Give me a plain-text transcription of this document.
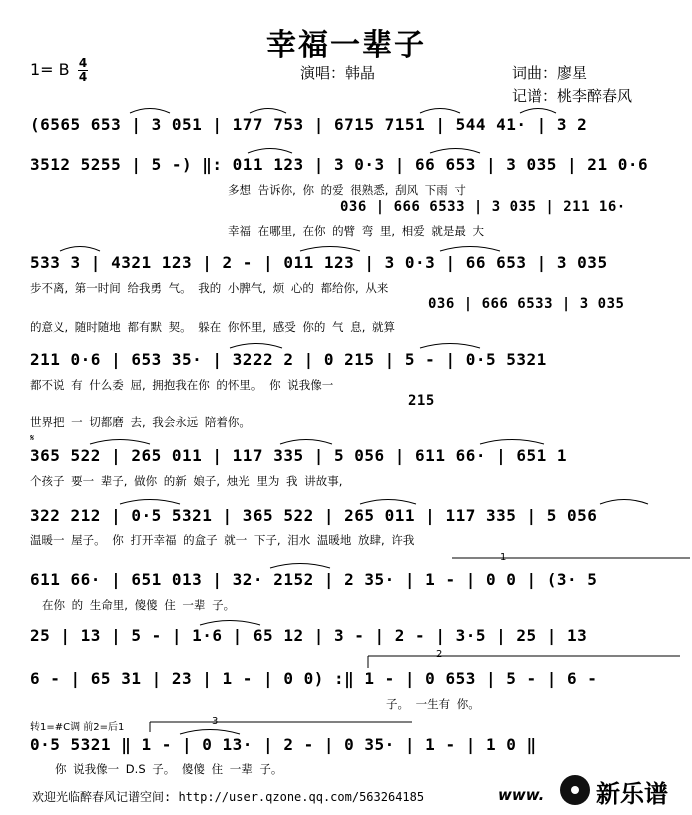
幸福一辈子
1= B 4
4	演唱：韩晶	词曲：廖星
记谱：桃李醉春风
(6565 653 | 3 051 | 177 753 | 6715 7151 | 544 41· | 3 2
3512 5255 | 5 -) ‖: 011 123 | 3 0·3 | 66 653 | 3 035 | 21 0·6
多想 告诉你, 你 的爱 很熟悉, 刮风 下雨 寸
036 | 666 6533 | 3 035 | 211 16·
幸福 在哪里, 在你 的臂 弯 里, 相爱 就是最 大
533 3 | 4321 123 | 2 - | 011 123 | 3 0·3 | 66 653 | 3 035
步不离, 第一时间 给我勇 气。 我的 小脾气, 烦 心的 都给你, 从来
036 | 666 6533 | 3 035
的意义, 随时随地 都有默 契。 躲在 你怀里, 感受 你的 气 息, 就算
211 0·6 | 653 35· | 3222 2 | 0 215 | 5 - | 0·5 5321
都不说 有 什么委 屈, 拥抱我在你 的怀里。 你 说我像一
215
世界把 一 切都磨 去, 我会永远 陪着你。
𝄋
365 522 | 265 011 | 117 335 | 5 056 | 611 66· | 651 1
个孩子 要一 辈子, 做你 的新 娘子, 烛光 里为 我 讲故事,
322 212 | 0·5 5321 | 365 522 | 265 011 | 117 335 | 5 056
温暖一 屋子。 你 打开幸福 的盒子 就一 下子, 泪水 温暖地 放肆, 许我
1
611 66· | 651 013 | 32· 2152 | 2 35· | 1 - | 0 0 | (3· 5
在你 的 生命里, 傻傻 住 一辈 子。
25 | 13 | 5 - | 1·6 | 65 12 | 3 - | 2 - | 3·5 | 25 | 13
2
6 - | 65 31 | 23 | 1 - | 0 0) :‖ 1 - | 0 653 | 5 - | 6 -
子。 一生有 你。
转1=#C调 前2=后1
3
0·5 5321 ‖ 1 - | 0 13· | 2 - | 0 35· | 1 - | 1 0 ‖
你 说我像一 D.S 子。 傻傻 住 一辈 子。
欢迎光临醉春风记谱空间: http://user.qzone.qq.com/563264185	www. 新乐谱
